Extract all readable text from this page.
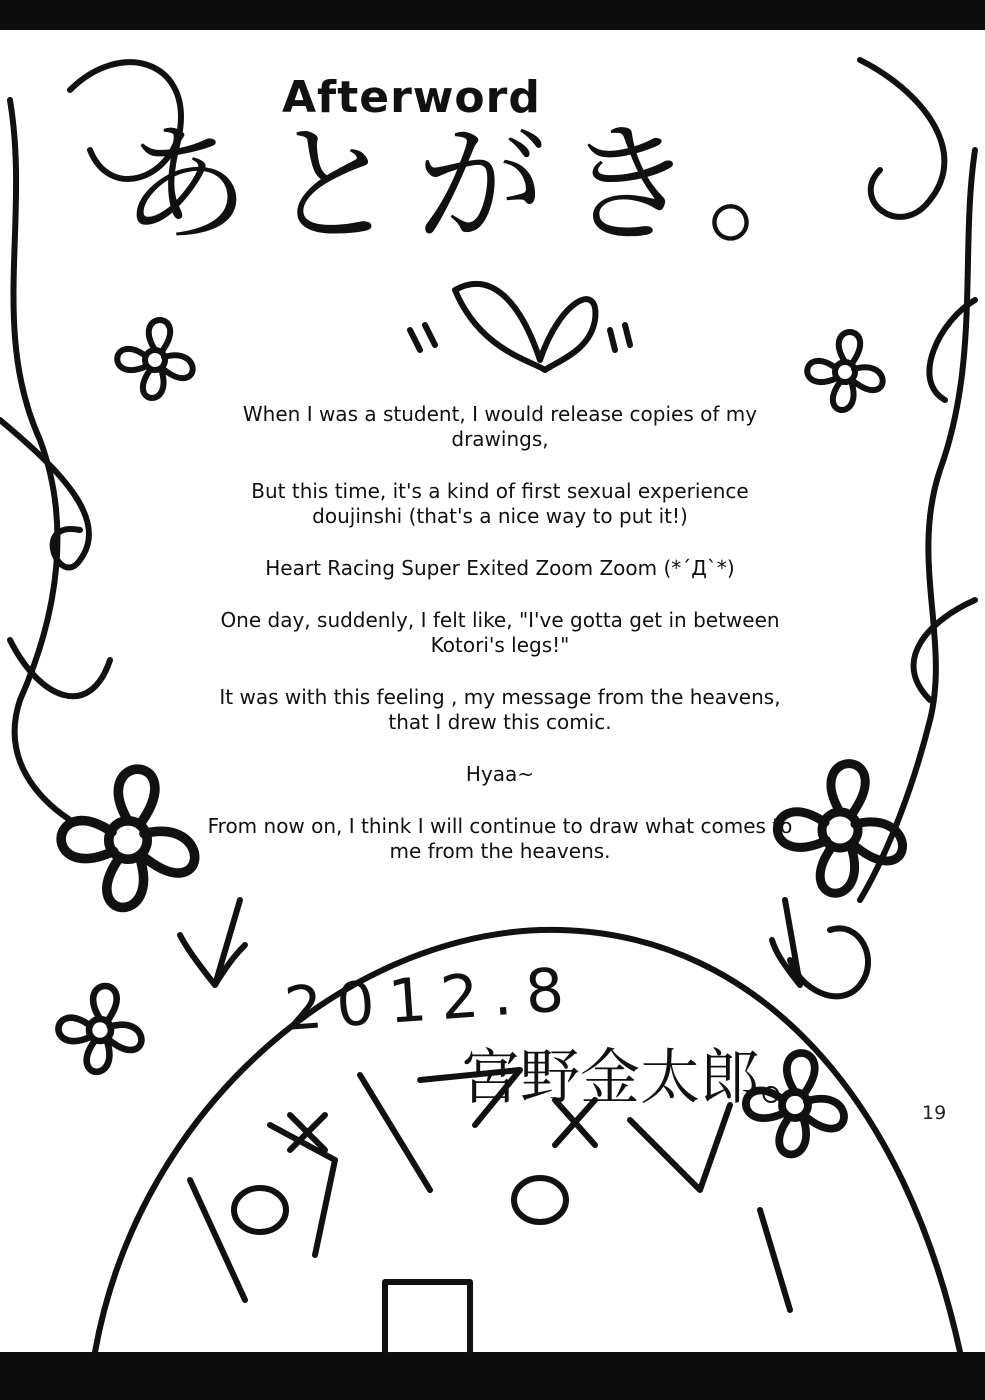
Afterword
あとがき。

When I was a student, I would release copies of my drawings,

But this time, it's a kind of first sexual experience doujinshi (that's a nice way to put it!)

Heart Racing Super Exited Zoom Zoom (*´Д`*)

One day, suddenly, I felt like, "I've gotta get in between Kotori's legs!"

It was with this feeling , my message from the heavens, that I drew this comic.

Hyaa~

From now on, I think I will continue to draw what comes to me from the heavens.

2012.8
宮野金太郎。	19
